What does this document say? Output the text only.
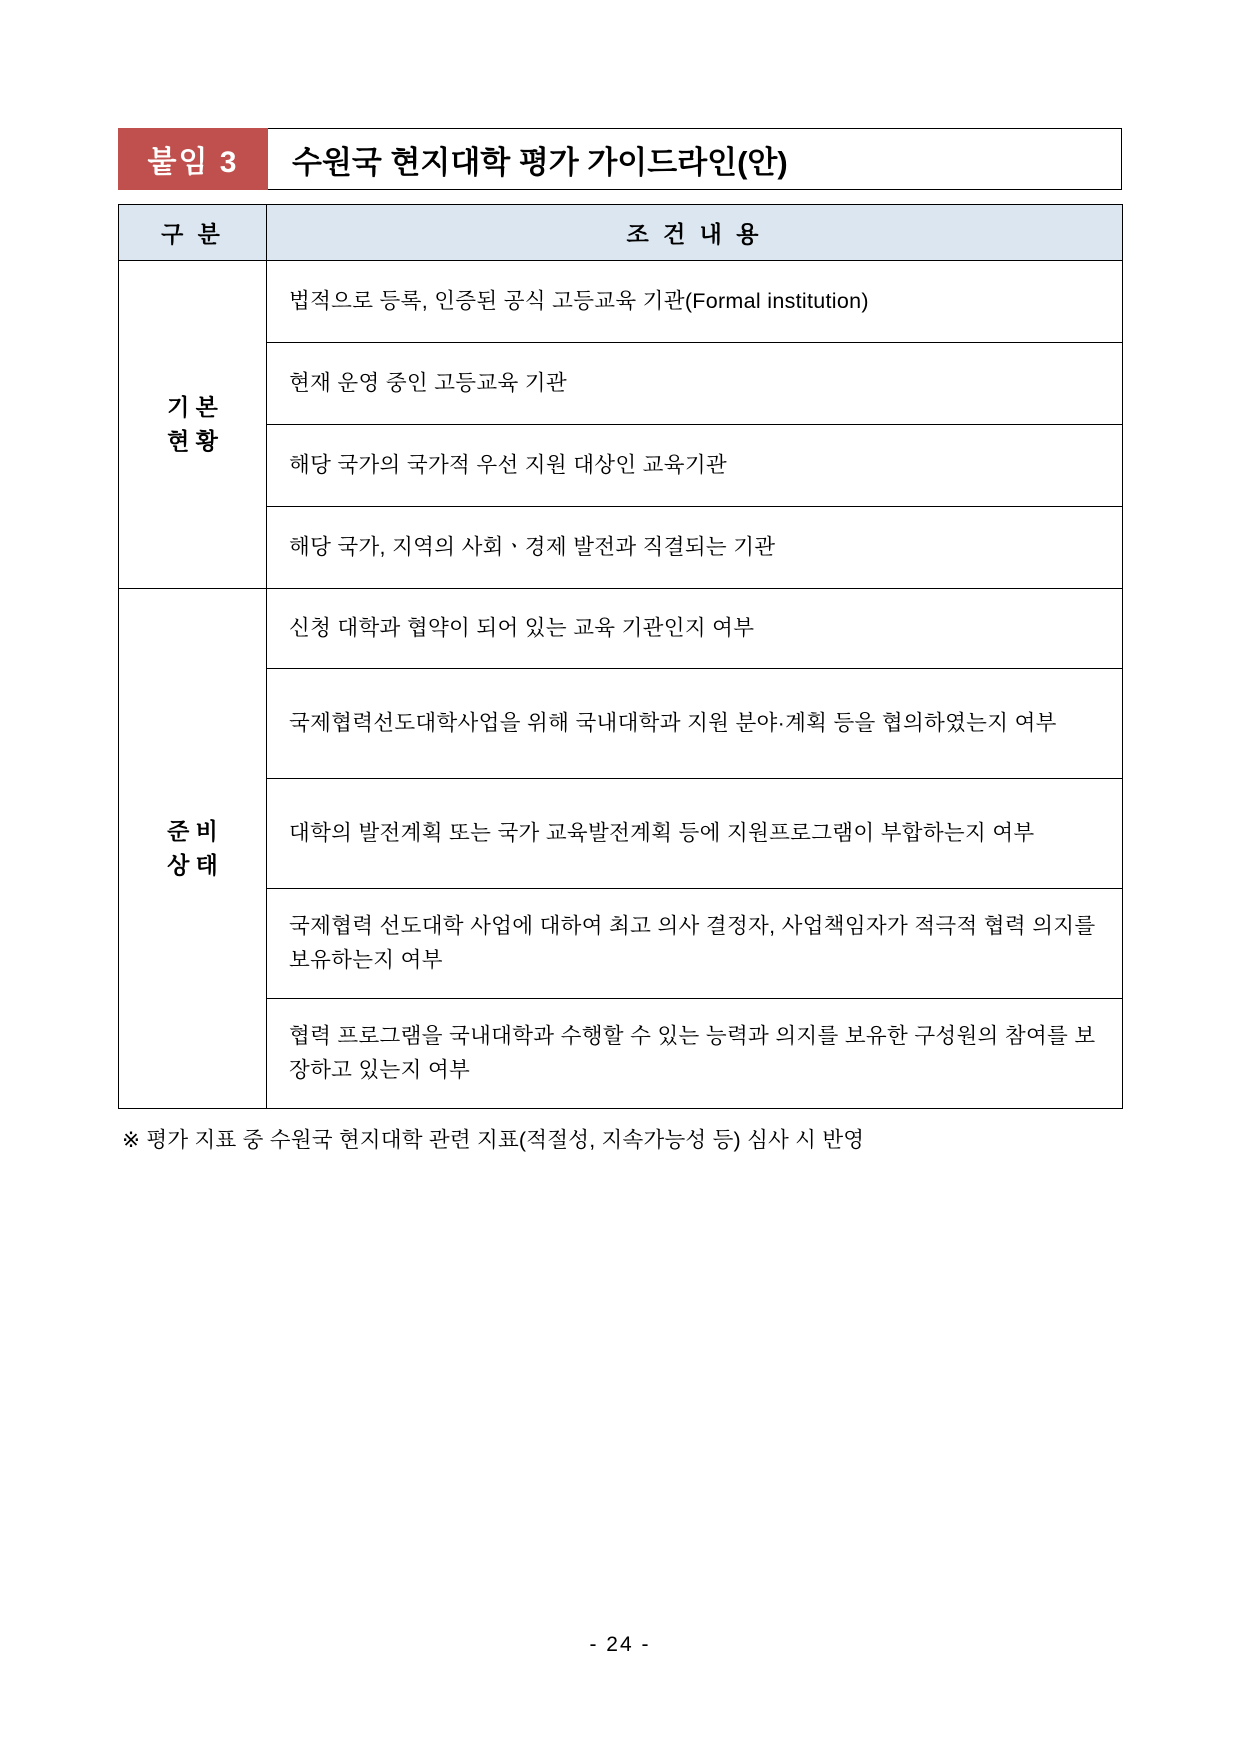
붙임 3	수원국 현지대학 평가 가이드라인(안)
구 분	조 건 내 용

기 본
현 황	법적으로 등록, 인증된 공식 고등교육 기관(Formal institution)
	현재 운영 중인 고등교육 기관
	해당 국가의 국가적 우선 지원 대상인 교육기관
	해당 국가, 지역의 사회ㆍ경제 발전과 직결되는 기관

준 비
상 태	신청 대학과 협약이 되어 있는 교육 기관인지 여부
	국제협력선도대학사업을 위해 국내대학과 지원 분야·계획 등을 협의하였는지 여부
	대학의 발전계획 또는 국가 교육발전계획 등에 지원프로그램이 부합하는지 여부
	국제협력 선도대학 사업에 대하여 최고 의사 결정자, 사업책임자가 적극적 협력 의지를 보유하는지 여부
	협력 프로그램을 국내대학과 수행할 수 있는 능력과 의지를 보유한 구성원의 참여를 보장하고 있는지 여부
※ 평가 지표 중 수원국 현지대학 관련 지표(적절성, 지속가능성 등) 심사 시 반영
- 24 -
